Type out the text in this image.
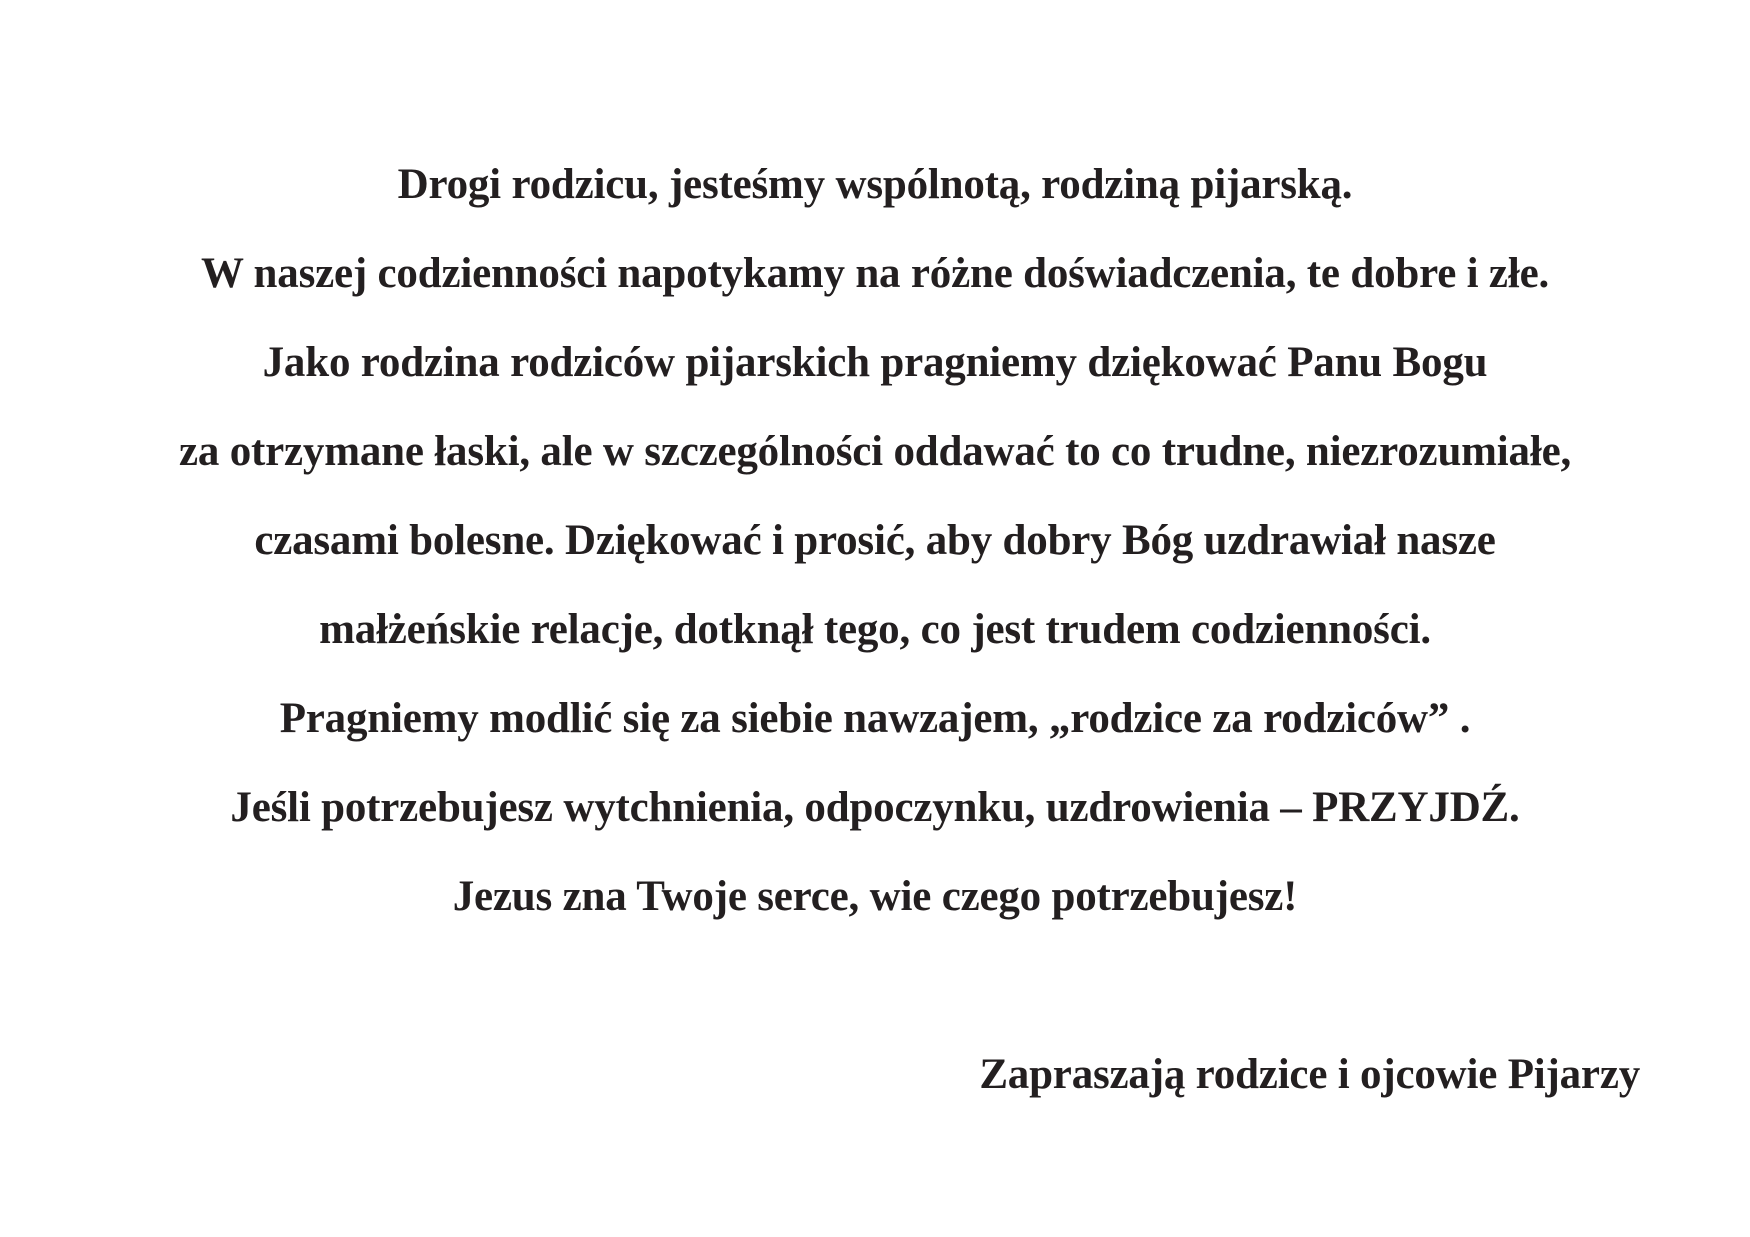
Drogi rodzicu, jesteśmy wspólnotą, rodziną pijarską.
W naszej codzienności napotykamy na różne doświadczenia, te dobre i złe.
Jako rodzina rodziców pijarskich pragniemy dziękować Panu Bogu
za otrzymane łaski, ale w szczególności oddawać to co trudne, niezrozumiałe,
czasami bolesne. Dziękować i prosić, aby dobry Bóg uzdrawiał nasze
małżeńskie relacje, dotknął tego, co jest trudem codzienności.
Pragniemy modlić się za siebie nawzajem, „rodzice za rodziców” .
Jeśli potrzebujesz wytchnienia, odpoczynku, uzdrowienia – PRZYJDŹ.
Jezus zna Twoje serce, wie czego potrzebujesz!
Zapraszają rodzice i ojcowie Pijarzy
